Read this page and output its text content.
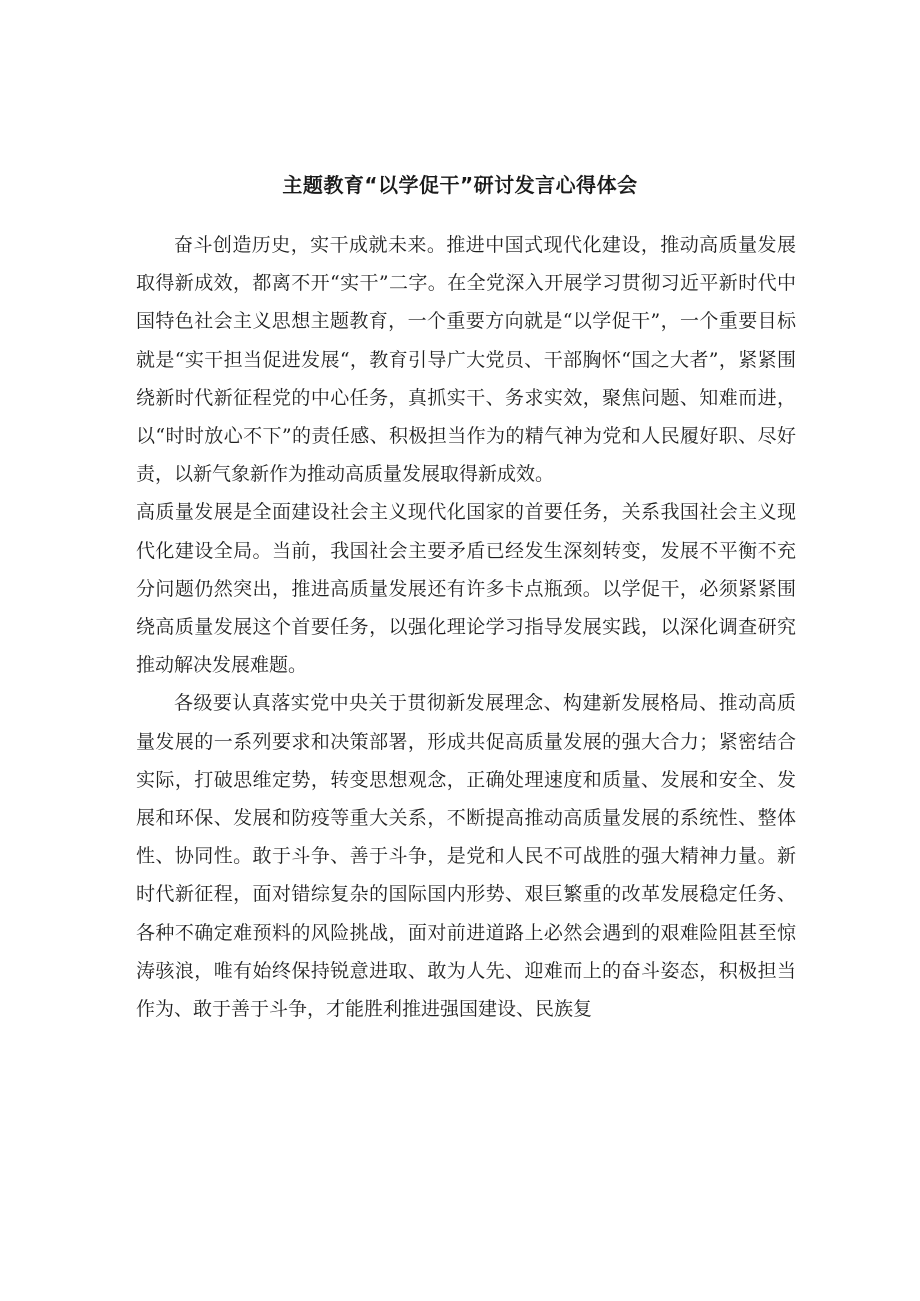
主题教育“以学促干”研讨发言心得体会

奋斗创造历史，实干成就未来。推进中国式现代化建设，推动高质量发展取得新成效，都离不开“实干”二字。在全党深入开展学习贯彻习近平新时代中国特色社会主义思想主题教育，一个重要方向就是“以学促干”，一个重要目标就是“实干担当促进发展“，教育引导广大党员、干部胸怀“国之大者”，紧紧围绕新时代新征程党的中心任务，真抓实干、务求实效，聚焦问题、知难而进，以“时时放心不下”的责任感、积极担当作为的精气神为党和人民履好职、尽好责，以新气象新作为推动高质量发展取得新成效。

高质量发展是全面建设社会主义现代化国家的首要任务，关系我国社会主义现代化建设全局。当前，我国社会主要矛盾已经发生深刻转变，发展不平衡不充分问题仍然突出，推进高质量发展还有许多卡点瓶颈。以学促干，必须紧紧围绕高质量发展这个首要任务，以强化理论学习指导发展实践，以深化调查研究推动解决发展难题。

各级要认真落实党中央关于贯彻新发展理念、构建新发展格局、推动高质量发展的一系列要求和决策部署，形成共促高质量发展的强大合力；紧密结合实际，打破思维定势，转变思想观念，正确处理速度和质量、发展和安全、发展和环保、发展和防疫等重大关系，不断提高推动高质量发展的系统性、整体性、协同性。敢于斗争、善于斗争，是党和人民不可战胜的强大精神力量。新时代新征程，面对错综复杂的国际国内形势、艰巨繁重的改革发展稳定任务、各种不确定难预料的风险挑战，面对前进道路上必然会遇到的艰难险阻甚至惊涛骇浪，唯有始终保持锐意进取、敢为人先、迎难而上的奋斗姿态，积极担当作为、敢于善于斗争，才能胜利推进强国建设、民族复
